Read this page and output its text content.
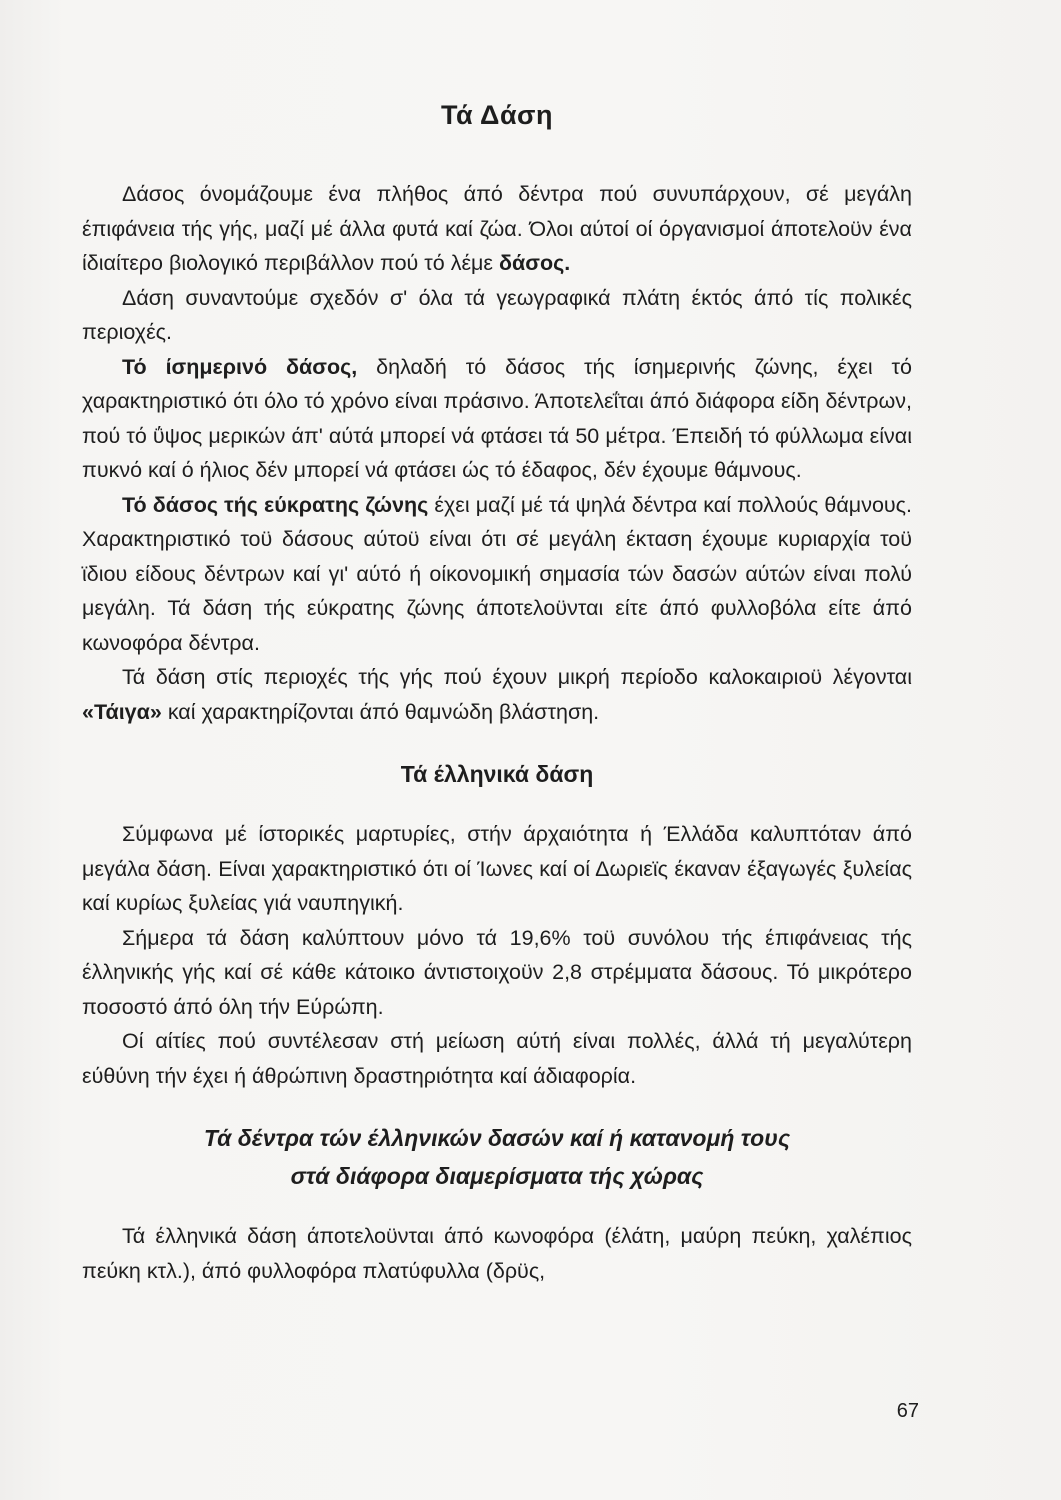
Τά Δάση

Δάσος όνομάζουμε ένα πλήθος άπό δέντρα πού συνυπάρχουν, σέ μεγάλη έπιφάνεια τής γής, μαζί μέ άλλα φυτά καί ζώα. Όλοι αύτοί οί όργανισμοί άποτελοϋν ένα ίδιαίτερο βιολογικό περιβάλλον πού τό λέμε δάσος.

Δάση συναντούμε σχεδόν σ' όλα τά γεωγραφικά πλάτη έκτός άπό τίς πολικές περιοχές.

Τό ίσημερινό δάσος, δηλαδή τό δάσος τής ίσημερινής ζώνης, έχει τό χαρακτηριστικό ότι όλο τό χρόνο είναι πράσινο. Άποτελεΐται άπό διάφορα είδη δέντρων, πού τό ΰψος μερικών άπ' αύτά μπορεί νά φτάσει τά 50 μέτρα. Έπειδή τό φύλλωμα είναι πυκνό καί ό ήλιος δέν μπορεί νά φτάσει ώς τό έδαφος, δέν έχουμε θάμνους.

Τό δάσος τής εύκρατης ζώνης έχει μαζί μέ τά ψηλά δέντρα καί πολλούς θάμνους. Χαρακτηριστικό τοϋ δάσους αύτοϋ είναι ότι σέ μεγάλη έκταση έχουμε κυριαρχία τοϋ ϊδιου είδους δέντρων καί γι' αύτό ή οίκονομική σημασία τών δασών αύτών είναι πολύ μεγάλη. Τά δάση τής εύκρατης ζώνης άποτελοϋνται είτε άπό φυλλοβόλα είτε άπό κωνοφόρα δέντρα.

Τά δάση στίς περιοχές τής γής πού έχουν μικρή περίοδο καλοκαιριοϋ λέγονται «Τάιγα» καί χαρακτηρίζονται άπό θαμνώδη βλάστηση.

Τά έλληνικά δάση

Σύμφωνα μέ ίστορικές μαρτυρίες, στήν άρχαιότητα ή Έλλάδα καλυπτόταν άπό μεγάλα δάση. Είναι χαρακτηριστικό ότι οί Ίωνες καί οί Δωριεϊς έκαναν έξαγωγές ξυλείας καί κυρίως ξυλείας γιά ναυπηγική.

Σήμερα τά δάση καλύπτουν μόνο τά 19,6% τοϋ συνόλου τής έπιφάνειας τής έλληνικής γής καί σέ κάθε κάτοικο άντιστοιχοϋν 2,8 στρέμματα δάσους. Τό μικρότερο ποσοστό άπό όλη τήν Εύρώπη.

Οί αίτίες πού συντέλεσαν στή μείωση αύτή είναι πολλές, άλλά τή μεγαλύτερη εύθύνη τήν έχει ή άθρώπινη δραστηριότητα καί άδιαφορία.

Τά δέντρα τών έλληνικών δασών καί ή κατανομή τους
στά διάφορα διαμερίσματα τής χώρας

Τά έλληνικά δάση άποτελοϋνται άπό κωνοφόρα (έλάτη, μαύρη πεύκη, χαλέπιος πεύκη κτλ.), άπό φυλλοφόρα πλατύφυλλα (δρϋς,

67
